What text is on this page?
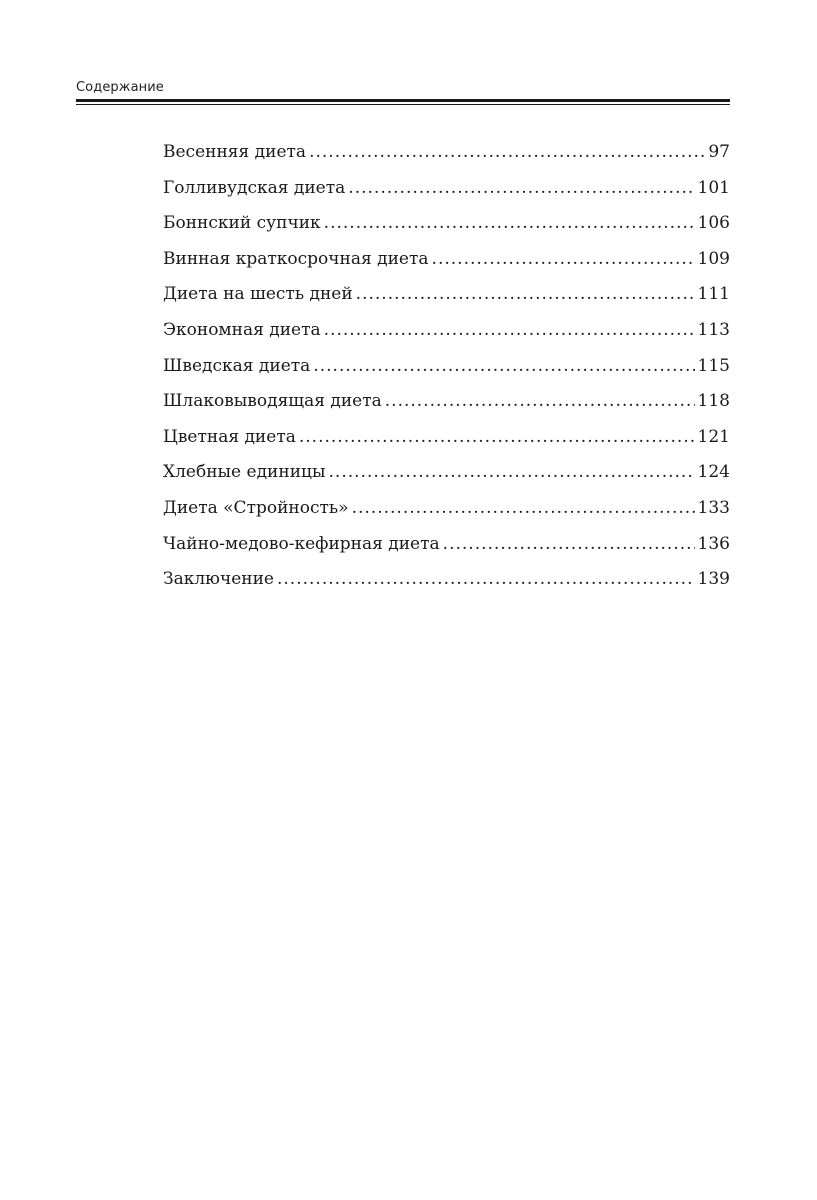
Содержание
Весенняя диета . . .	97
Голливудская диета . . .	101
Боннский супчик . . .	106
Винная краткосрочная диета . . .	109
Диета на шесть дней . . .	111
Экономная диета . . .	113
Шведская диета . . .	115
Шлаковыводящая диета . . .	118
Цветная диета . . .	121
Хлебные единицы . . .	124
Диета «Стройность» . . .	133
Чайно-медово-кефирная диета . . .	136
Заключение . . .	139
